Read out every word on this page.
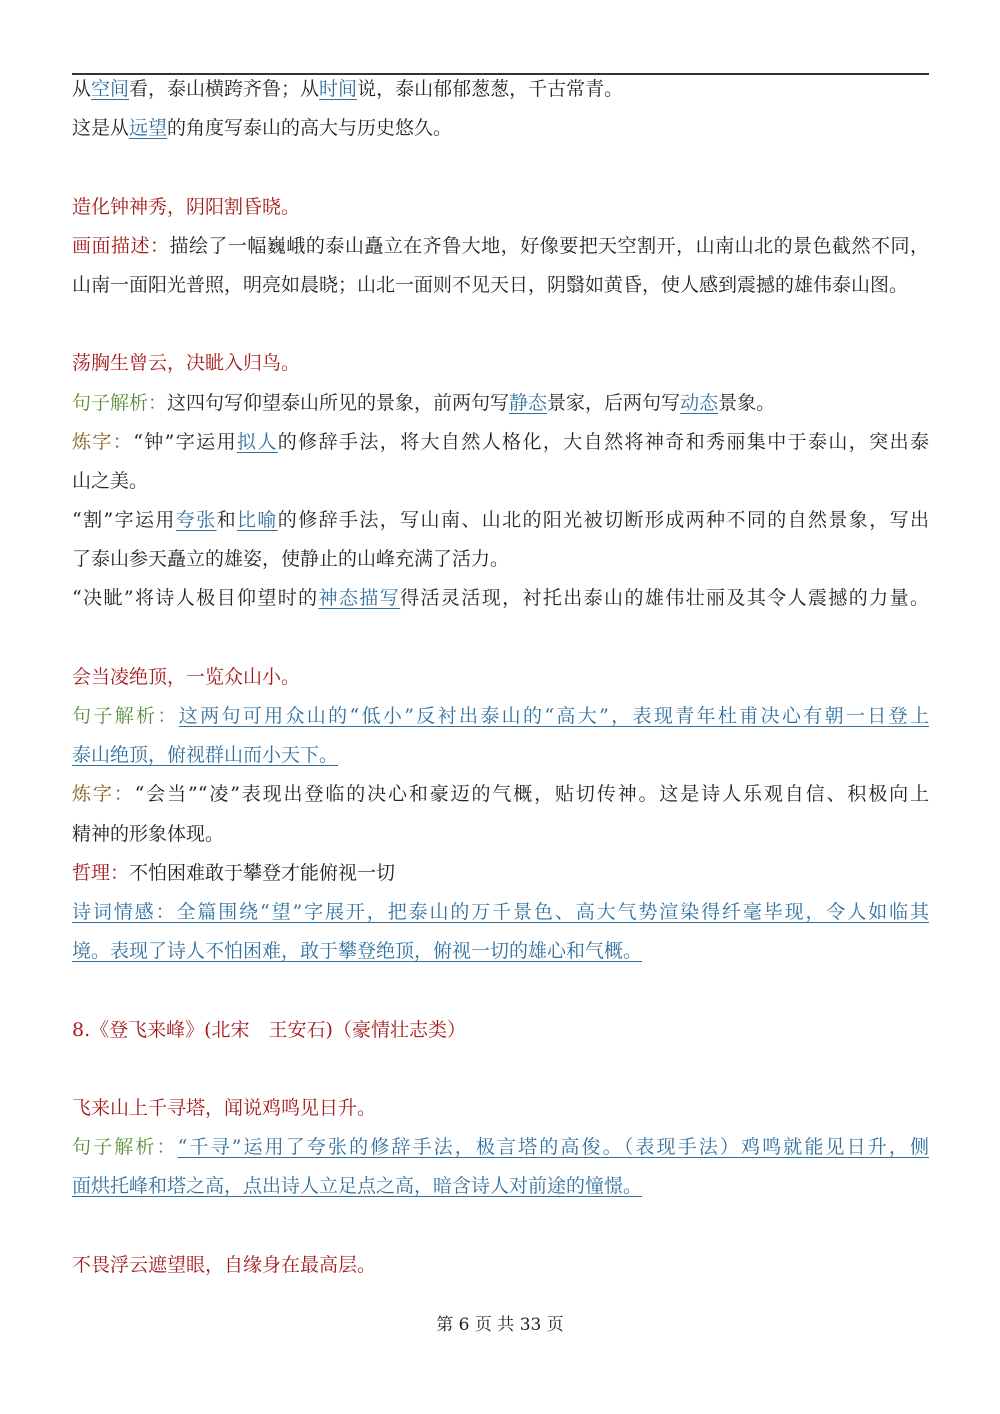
从空间看，泰山横跨齐鲁；从时间说，泰山郁郁葱葱，千古常青。
这是从远望的角度写泰山的高大与历史悠久。
造化钟神秀，阴阳割昏晓。
画面描述：描绘了一幅巍峨的泰山矗立在齐鲁大地，好像要把天空割开，山南山北的景色截然不同，
山南一面阳光普照，明亮如晨晓；山北一面则不见天日，阴翳如黄昏，使人感到震撼的雄伟泰山图。
荡胸生曾云，决眦入归鸟。
句子解析：这四句写仰望泰山所见的景象，前两句写静态景家，后两句写动态景象。
炼字：“钟”字运用拟人的修辞手法，将大自然人格化，大自然将神奇和秀丽集中于泰山，突出泰
山之美。
“割”字运用夸张和比喻的修辞手法，写山南、山北的阳光被切断形成两种不同的自然景象，写出
了泰山参天矗立的雄姿，使静止的山峰充满了活力。
“决眦”将诗人极目仰望时的神态描写得活灵活现，衬托出泰山的雄伟壮丽及其令人震撼的力量。
会当凌绝顶，一览众山小。
句子解析：这两句可用众山的“低小”反衬出泰山的“高大”，表现青年杜甫决心有朝一日登上
泰山绝顶，俯视群山而小天下。
炼字：“会当”“凌”表现出登临的决心和豪迈的气概，贴切传神。这是诗人乐观自信、积极向上
精神的形象体现。
哲理：不怕困难敢于攀登才能俯视一切
诗词情感：全篇围绕“望”字展开，把泰山的万千景色、高大气势渲染得纤毫毕现，令人如临其
境。表现了诗人不怕困难，敢于攀登绝顶，俯视一切的雄心和气概。
8.《登飞来峰》(北宋　王安石)（豪情壮志类）
飞来山上千寻塔，闻说鸡鸣见日升。
句子解析：“千寻”运用了夸张的修辞手法，极言塔的高俊。（表现手法）鸡鸣就能见日升，侧
面烘托峰和塔之高，点出诗人立足点之高，暗含诗人对前途的憧憬。
不畏浮云遮望眼，自缘身在最高层。
第 6 页 共 33 页
